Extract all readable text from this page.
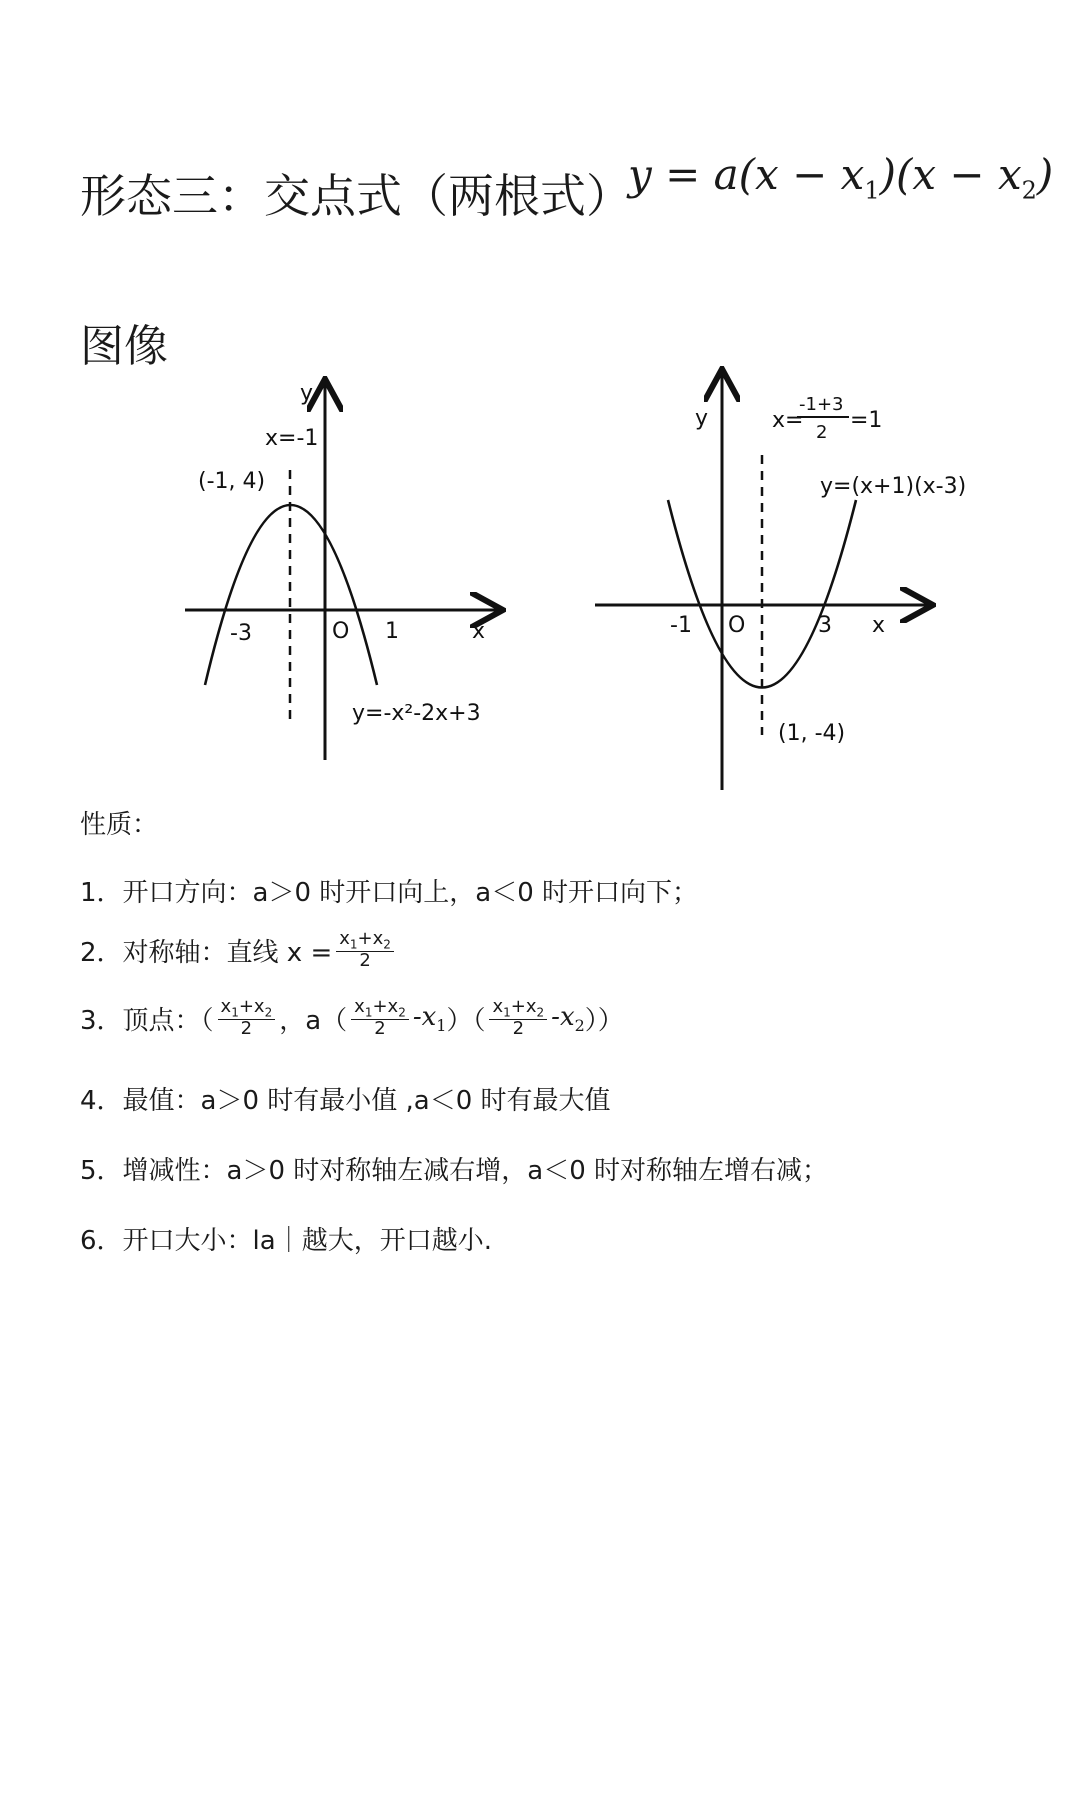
形态三：交点式（两根式）
$y = a(x - x_1)(x - x_2)$
图像
y
x=-1
(-1, 4)
-3	O 1	x
y=-x²-2x+3
y	x=
-1+3
2 =1
y=(x+1)(x-3)
-1 O	3 x
(1, -4)
性质：
1．开口方向：a＞0 时开口向上，a＜0 时开口向下；
2．对称轴：直线 $x = \frac{x_1+x_2}{2}$
3．顶点：（ $\frac{x_1+x_2}{2}$ ，$a( \frac{x_1+x_2}{2} -x_1$ ）（ $\frac{x_1+x_2}{2} -x_2$ ））
4．最值：a＞0 时有最小值 ,a＜0 时有最大值
5．增减性：a＞0 时对称轴左减右增，a＜0 时对称轴左增右减；
6．开口大小：la｜越大，开口越小.
